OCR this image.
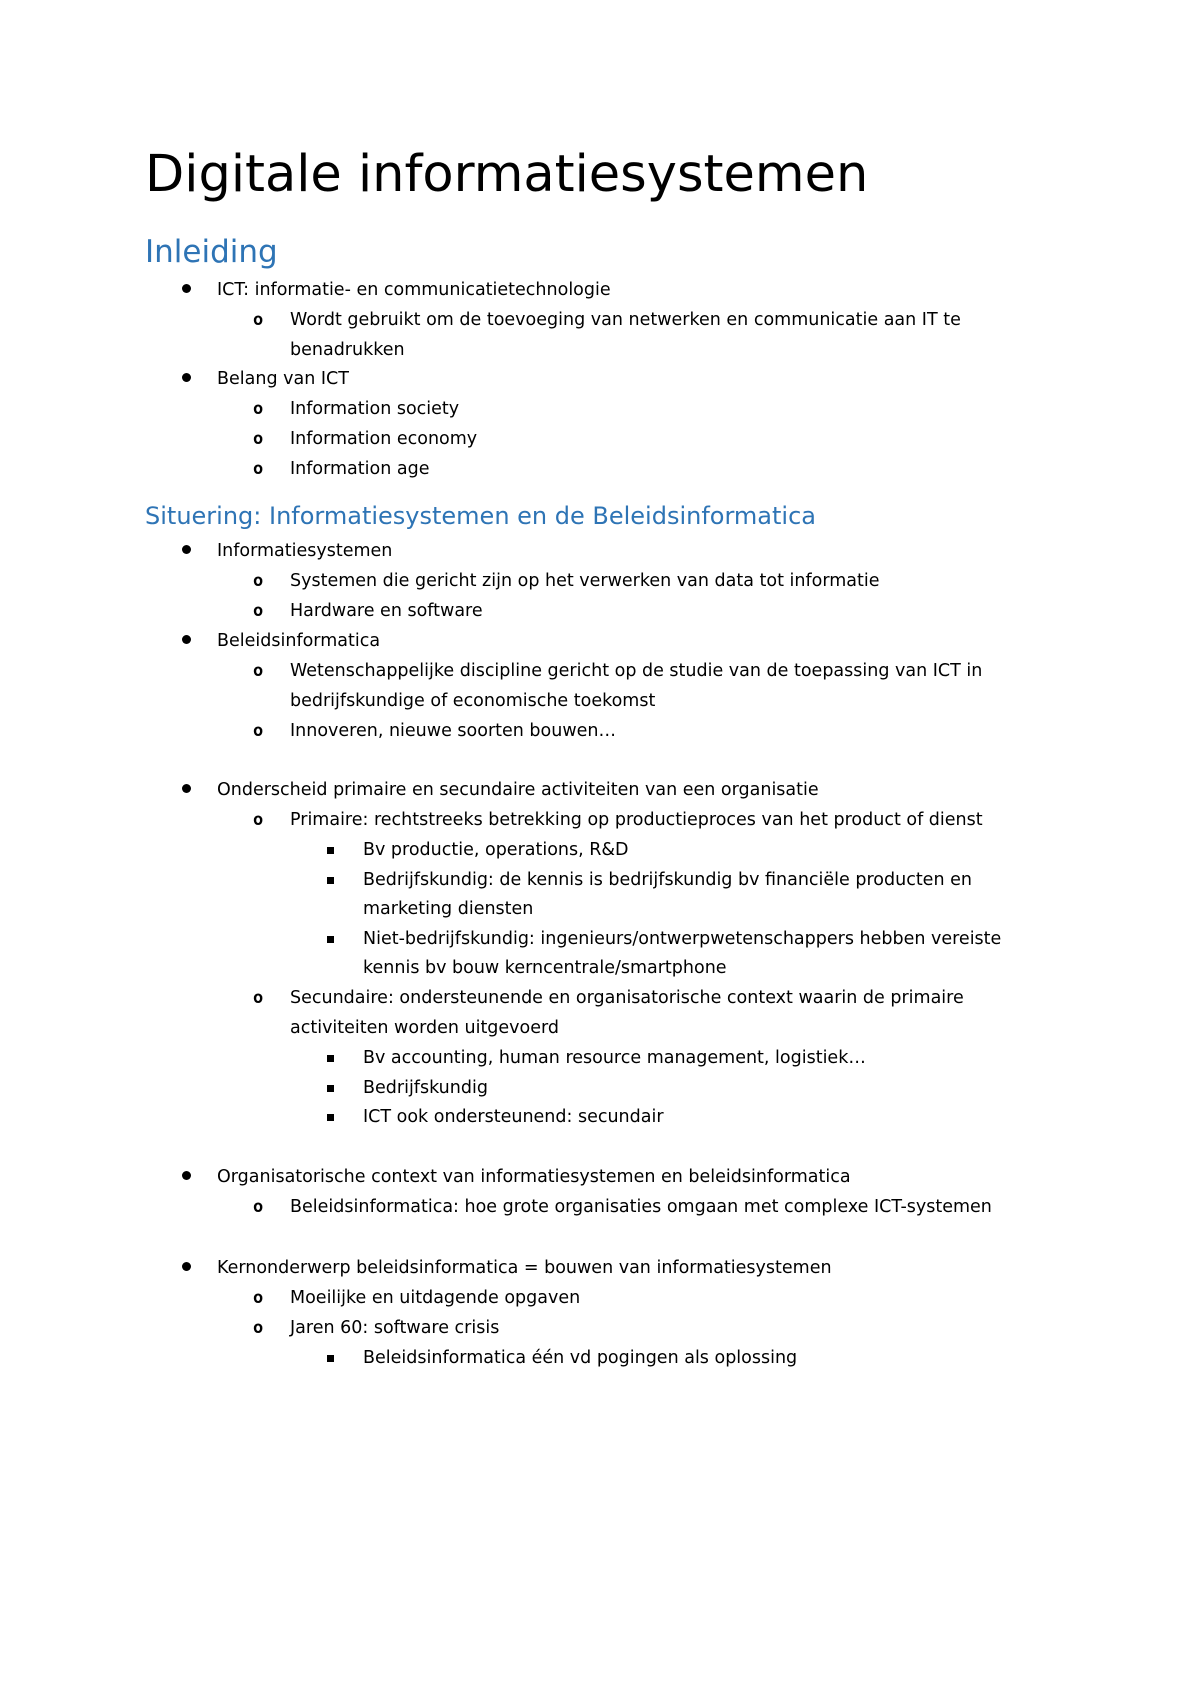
Digitale informatiesystemen
Inleiding
ICT: informatie- en communicatietechnologie
o Wordt gebruikt om de toevoeging van netwerken en communicatie aan IT te
benadrukken
Belang van ICT
o Information society
o Information economy
o Information age
Situering: Informatiesystemen en de Beleidsinformatica
Informatiesystemen
o Systemen die gericht zijn op het verwerken van data tot informatie
o Hardware en software
Beleidsinformatica
o Wetenschappelijke discipline gericht op de studie van de toepassing van ICT in
bedrijfskundige of economische toekomst
o Innoveren, nieuwe soorten bouwen…
Onderscheid primaire en secundaire activiteiten van een organisatie
o Primaire: rechtstreeks betrekking op productieproces van het product of dienst
Bv productie, operations, R&D
Bedrijfskundig: de kennis is bedrijfskundig bv financiële producten en
marketing diensten
Niet-bedrijfskundig: ingenieurs/ontwerpwetenschappers hebben vereiste
kennis bv bouw kerncentrale/smartphone
o Secundaire: ondersteunende en organisatorische context waarin de primaire
activiteiten worden uitgevoerd
Bv accounting, human resource management, logistiek…
Bedrijfskundig
ICT ook ondersteunend: secundair
Organisatorische context van informatiesystemen en beleidsinformatica
o Beleidsinformatica: hoe grote organisaties omgaan met complexe ICT-systemen
Kernonderwerp beleidsinformatica = bouwen van informatiesystemen
o Moeilijke en uitdagende opgaven
o Jaren 60: software crisis
Beleidsinformatica één vd pogingen als oplossing
